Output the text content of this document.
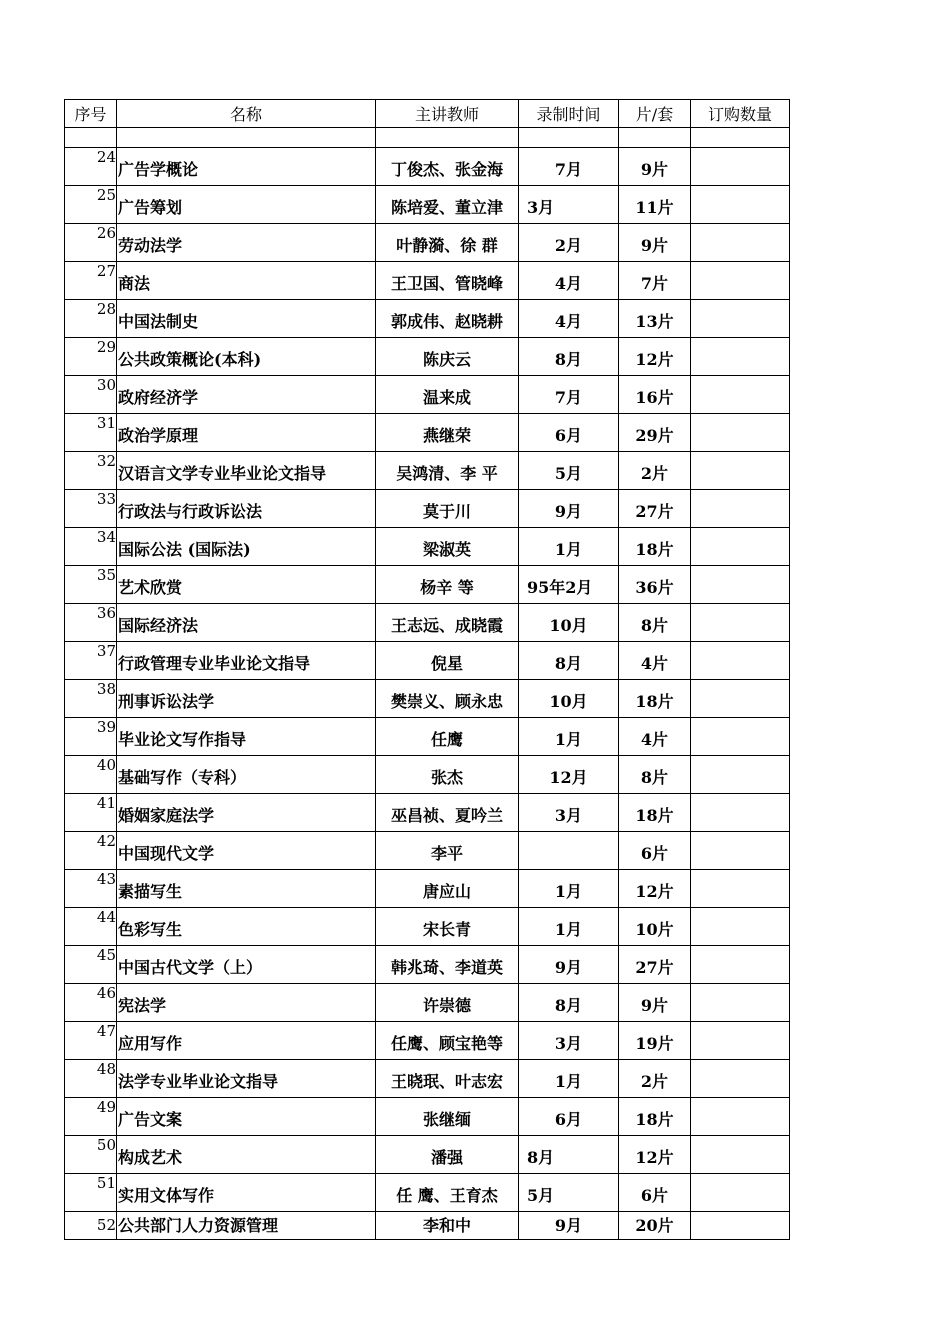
序号	名称	主讲教师	录制时间	片/套	订购数量

24	广告学概论	丁俊杰、张金海	7月	9片	
25	广告筹划	陈培爱、董立津	3月	11片	
26	劳动法学	叶静漪、徐 群	2月	9片	
27	商法	王卫国、管晓峰	4月	7片	
28	中国法制史	郭成伟、赵晓耕	4月	13片	
29	公共政策概论(本科)	陈庆云	8月	12片	
30	政府经济学	温来成	7月	16片	
31	政治学原理	燕继荣	6月	29片	
32	汉语言文学专业毕业论文指导	吴鸿清、李 平	5月	2片	
33	行政法与行政诉讼法	莫于川	9月	27片	
34	国际公法 (国际法)	梁淑英	1月	18片	
35	艺术欣赏	杨辛 等	95年2月	36片	
36	国际经济法	王志远、成晓霞	10月	8片	
37	行政管理专业毕业论文指导	倪星	8月	4片	
38	刑事诉讼法学	樊崇义、顾永忠	10月	18片	
39	毕业论文写作指导	任鹰	1月	4片	
40	基础写作（专科）	张杰	12月	8片	
41	婚姻家庭法学	巫昌祯、夏吟兰	3月	18片	
42	中国现代文学	李平		6片	
43	素描写生	唐应山	1月	12片	
44	色彩写生	宋长青	1月	10片	
45	中国古代文学（上）	韩兆琦、李道英	9月	27片	
46	宪法学	许崇德	8月	9片	
47	应用写作	任鹰、顾宝艳等	3月	19片	
48	法学专业毕业论文指导	王晓珉、叶志宏	1月	2片	
49	广告文案	张继缅	6月	18片	
50	构成艺术	潘强	8月	12片	
51	实用文体写作	任 鹰、王育杰	5月	6片	
52	公共部门人力资源管理	李和中	9月	20片	
